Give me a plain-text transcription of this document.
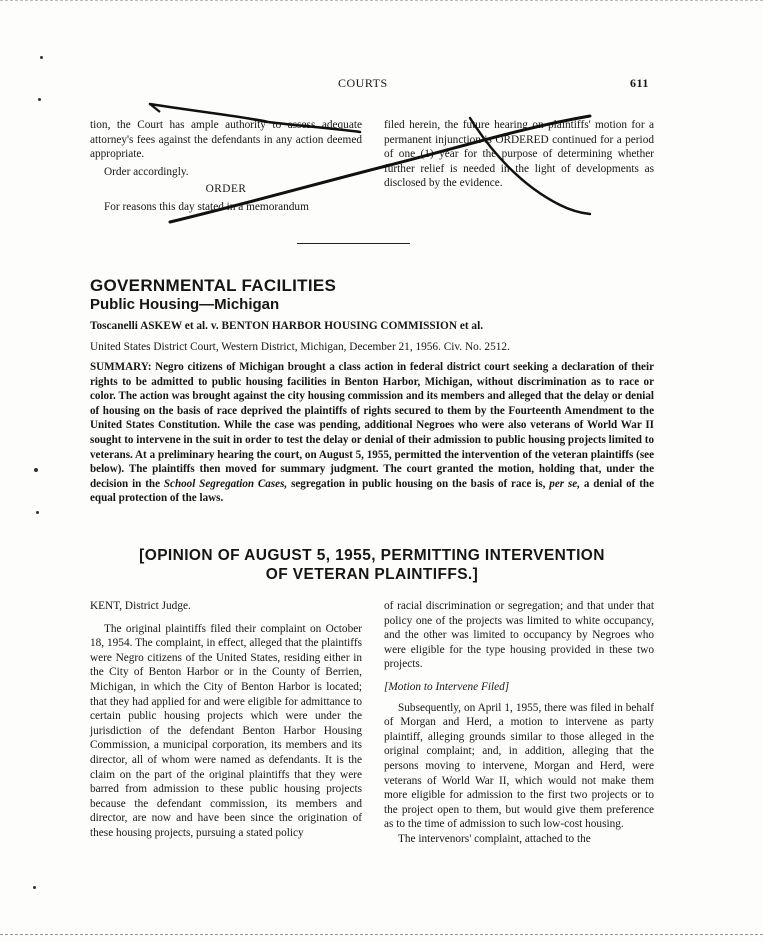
COURTS	611

tion, the Court has ample authority to assess adequate attorney's fees against the defendants in any action deemed appropriate.

Order accordingly.

ORDER

For reasons this day stated in a memorandum

filed herein, the future hearing on plaintiffs' motion for a permanent injunction is ORDERED continued for a period of one (1) year for the purpose of determining whether further relief is needed in the light of developments as disclosed by the evidence.

GOVERNMENTAL FACILITIES
Public Housing—Michigan
Toscanelli ASKEW et al. v. BENTON HARBOR HOUSING COMMISSION et al.
United States District Court, Western District, Michigan, December 21, 1956. Civ. No. 2512.
SUMMARY: Negro citizens of Michigan brought a class action in federal district court seeking a declaration of their rights to be admitted to public housing facilities in Benton Harbor, Michigan, without discrimination as to race or color. The action was brought against the city housing commission and its members and alleged that the delay or denial of housing on the basis of race deprived the plaintiffs of rights secured to them by the Fourteenth Amendment to the United States Constitution. While the case was pending, additional Negroes who were also veterans of World War II sought to intervene in the suit in order to test the delay or denial of their admission to public housing projects limited to veterans. At a preliminary hearing the court, on August 5, 1955, permitted the intervention of the veteran plaintiffs (see below). The plaintiffs then moved for summary judgment. The court granted the motion, holding that, under the decision in the School Segregation Cases, segregation in public housing on the basis of race is, per se, a denial of the equal protection of the laws.
[OPINION OF AUGUST 5, 1955, PERMITTING INTERVENTION
OF VETERAN PLAINTIFFS.]

KENT, District Judge.

The original plaintiffs filed their complaint on October 18, 1954. The complaint, in effect, alleged that the plaintiffs were Negro citizens of the United States, residing either in the City of Benton Harbor or in the County of Berrien, Michigan, in which the City of Benton Harbor is located; that they had applied for and were eligible for admittance to certain public housing projects which were under the jurisdiction of the defendant Benton Harbor Housing Commission, a municipal corporation, its members and its director, all of whom were named as defendants. It is the claim on the part of the original plaintiffs that they were barred from admission to these public housing projects because the defendant commission, its members and director, are now and have been since the origination of these housing projects, pursuing a stated policy

of racial discrimination or segregation; and that under that policy one of the projects was limited to white occupancy, and the other was limited to occupancy by Negroes who were eligible for the type housing provided in these two projects.

[Motion to Intervene Filed]

Subsequently, on April 1, 1955, there was filed in behalf of Morgan and Herd, a motion to intervene as party plaintiff, alleging grounds similar to those alleged in the original complaint; and, in addition, alleging that the persons moving to intervene, Morgan and Herd, were veterans of World War II, which would not make them more eligible for admission to the first two projects or to the project open to them, but would give them preference as to the time of admission to such low-cost housing.

The intervenors' complaint, attached to the
